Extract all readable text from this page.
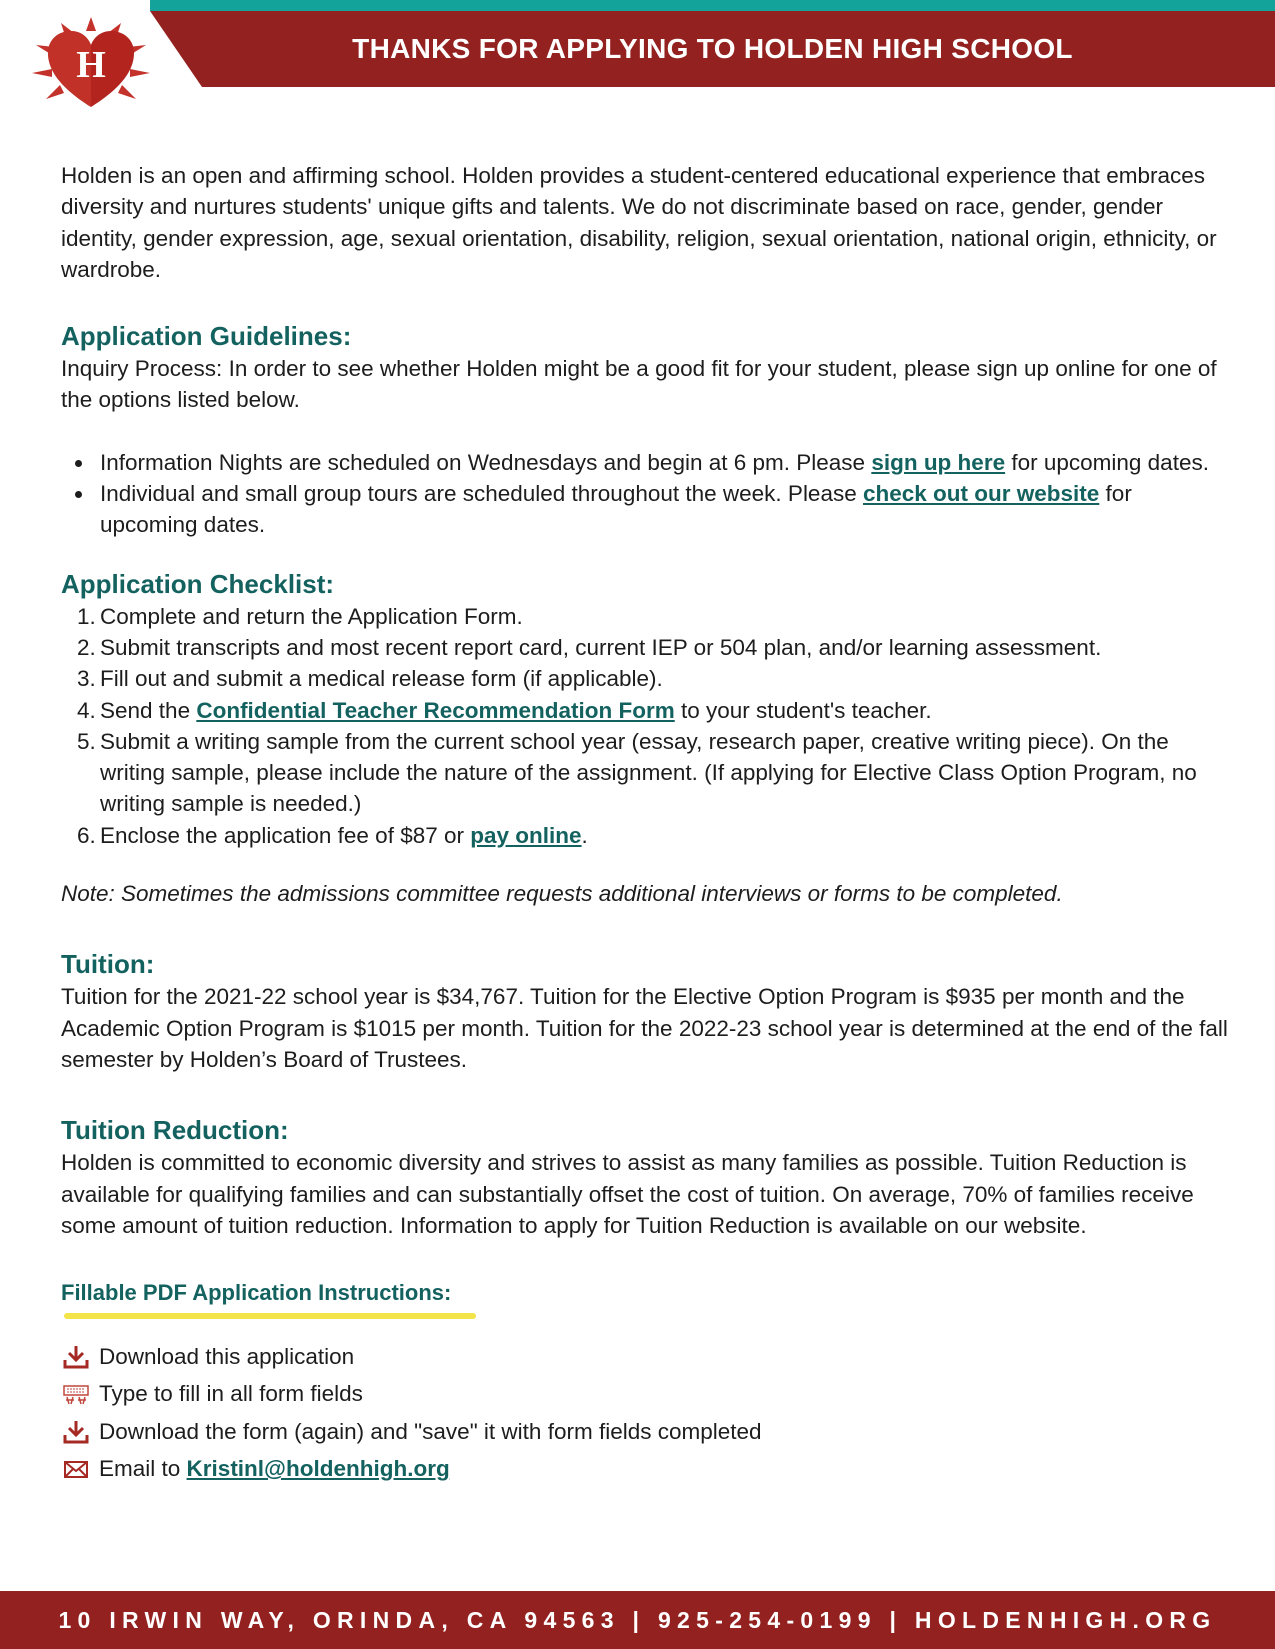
THANKS FOR APPLYING TO HOLDEN HIGH SCHOOL
H

Holden is an open and affirming school. Holden provides a student-centered educational experience that embraces diversity and nurtures students' unique gifts and talents. We do not discriminate based on race, gender, gender identity, gender expression, age, sexual orientation, disability, religion, sexual orientation, national origin, ethnicity, or wardrobe.

Application Guidelines:

Inquiry Process: In order to see whether Holden might be a good fit for your student, please sign up online for one of the options listed below.

Information Nights are scheduled on Wednesdays and begin at 6 pm. Please sign up here for upcoming dates.
Individual and small group tours are scheduled throughout the week. Please check out our website for upcoming dates.
Application Checklist:
1. Complete and return the Application Form.
2. Submit transcripts and most recent report card, current IEP or 504 plan, and/or learning assessment.
3. Fill out and submit a medical release form (if applicable).
4. Send the Confidential Teacher Recommendation Form to your student's teacher.
5. Submit a writing sample from the current school year (essay, research paper, creative writing piece). On the writing sample, please include the nature of the assignment. (If applying for Elective Class Option Program, no writing sample is needed.)
6. Enclose the application fee of $87 or pay online.

Note: Sometimes the admissions committee requests additional interviews or forms to be completed.

Tuition:

Tuition for the 2021-22 school year is $34,767. Tuition for the Elective Option Program is $935 per month and the Academic Option Program is $1015 per month. Tuition for the 2022-23 school year is determined at the end of the fall semester by Holden’s Board of Trustees.

Tuition Reduction:

Holden is committed to economic diversity and strives to assist as many families as possible. Tuition Reduction is available for qualifying families and can substantially offset the cost of tuition. On average, 70% of families receive some amount of tuition reduction. Information to apply for Tuition Reduction is available on our website.

Fillable PDF Application Instructions:
Download this application
Type to fill in all form fields
Download the form (again) and "save" it with form fields completed
Email to
Kristinl@holdenhigh.org
10 IRWIN WAY, ORINDA, CA 94563 | 925-254-0199 | HOLDENHIGH.ORG
